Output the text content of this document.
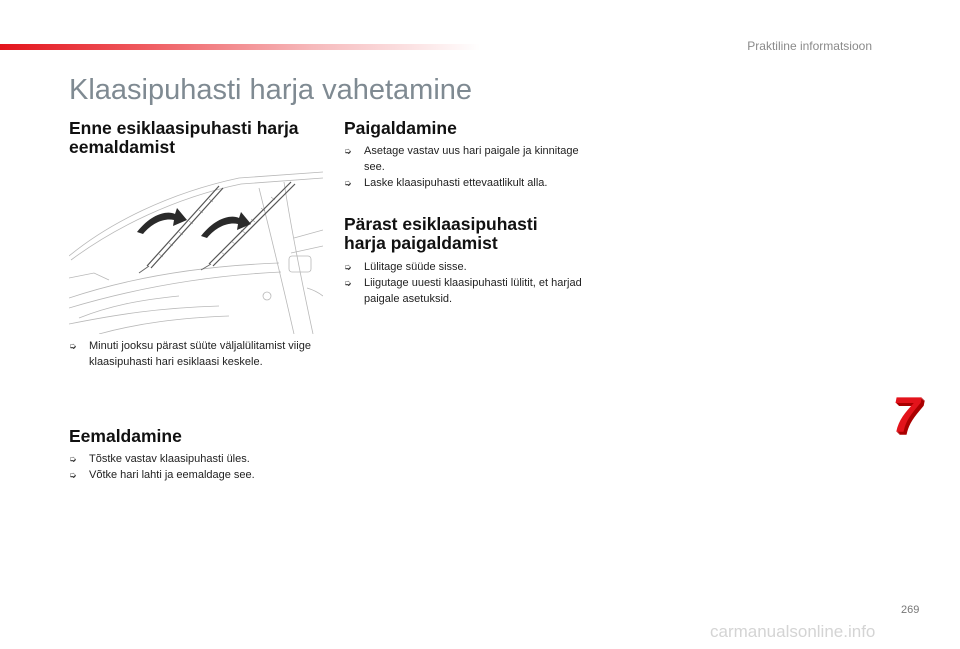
Praktiline informatsioon
Klaasipuhasti harja vahetamine
Enne esiklaasipuhasti harja eemaldamist
➭ Minuti jooksu pärast süüte väljalülitamist viige klaasipuhasti hari esiklaasi keskele.
Eemaldamine
➭ Tõstke vastav klaasipuhasti üles.
➭ Võtke hari lahti ja eemaldage see.
Paigaldamine
➭ Asetage vastav uus hari paigale ja kinnitage see.
➭ Laske klaasipuhasti ettevaatlikult alla.
Pärast esiklaasipuhasti harja paigaldamist
➭ Lülitage süüde sisse.
➭ Liigutage uuesti klaasipuhasti lülitit, et harjad paigale asetuksid.
7
269
carmanualsonline.info
